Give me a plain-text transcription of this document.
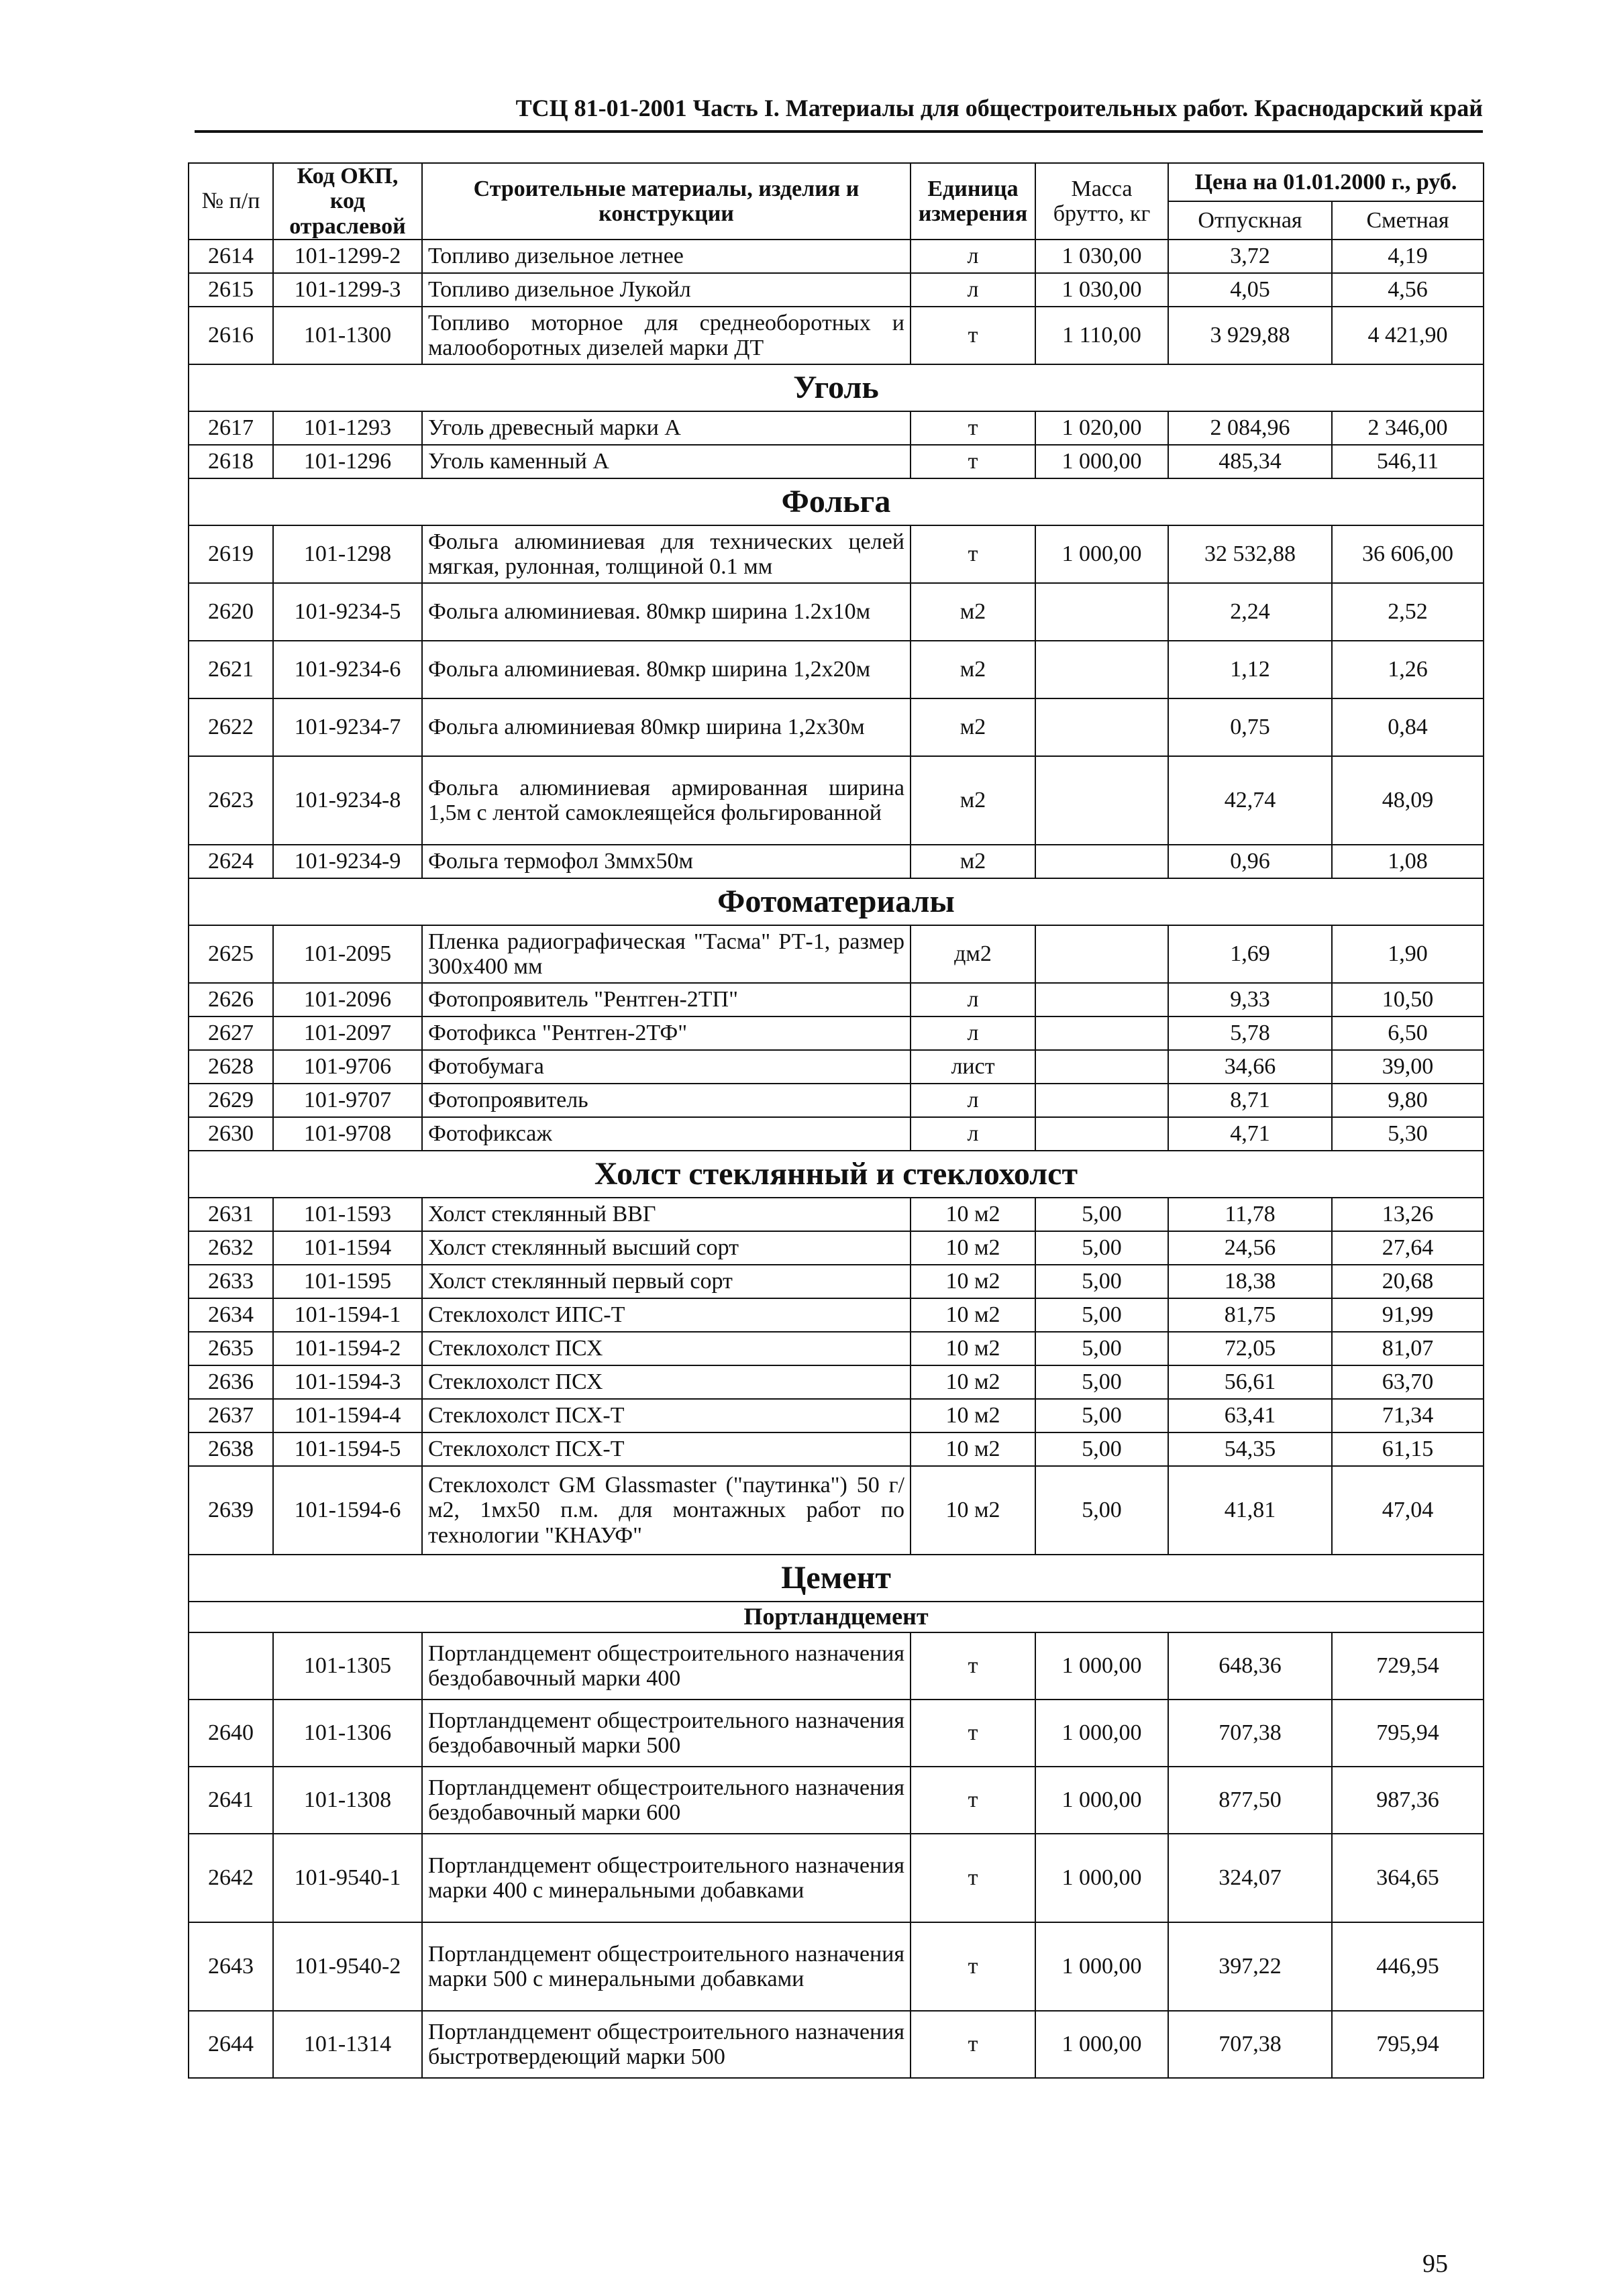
ТСЦ 81-01-2001 Часть I. Материалы для общестроительных работ. Краснодарский край
№ п/п	Код ОКП, код отраслевой	Строительные материалы, изделия и конструкции	Единица измерения	Масса брутто, кг	Цена на 01.01.2000 г., руб.	
					Отпускная	Сметная
2614	101-1299-2	Топливо дизельное летнее	л	1 030,00	3,72	4,19
2615	101-1299-3	Топливо дизельное Лукойл	л	1 030,00	4,05	4,56
2616	101-1300	Топливо моторное для среднеоборотных и малооборотных дизелей марки ДТ	т	1 110,00	3 929,88	4 421,90
Уголь						
2617	101-1293	Уголь древесный марки А	т	1 020,00	2 084,96	2 346,00
2618	101-1296	Уголь каменный А	т	1 000,00	485,34	546,11
Фольга						
2619	101-1298	Фольга алюминиевая для технических целей мягкая, рулонная, толщиной 0.1 мм	т	1 000,00	32 532,88	36 606,00
2620	101-9234-5	Фольга алюминиевая. 80мкр ширина 1.2х10м	м2		2,24	2,52
2621	101-9234-6	Фольга алюминиевая. 80мкр ширина 1,2х20м	м2		1,12	1,26
2622	101-9234-7	Фольга алюминиевая 80мкр ширина 1,2х30м	м2		0,75	0,84
2623	101-9234-8	Фольга алюминиевая армированная ширина 1,5м с лентой самоклеящейся фольгированной	м2		42,74	48,09
2624	101-9234-9	Фольга термофол 3ммх50м	м2		0,96	1,08
Фотоматериалы						
2625	101-2095	Пленка радиографическая "Тасма" РТ-1, размер 300х400 мм	дм2		1,69	1,90
2626	101-2096	Фотопроявитель "Рентген-2ТП"	л		9,33	10,50
2627	101-2097	Фотофикса "Рентген-2ТФ"	л		5,78	6,50
2628	101-9706	Фотобумага	лист		34,66	39,00
2629	101-9707	Фотопроявитель	л		8,71	9,80
2630	101-9708	Фотофиксаж	л		4,71	5,30
Холст стеклянный и стеклохолст						
2631	101-1593	Холст стеклянный ВВГ	10 м2	5,00	11,78	13,26
2632	101-1594	Холст стеклянный высший сорт	10 м2	5,00	24,56	27,64
2633	101-1595	Холст стеклянный первый сорт	10 м2	5,00	18,38	20,68
2634	101-1594-1	Стеклохолст ИПС-Т	10 м2	5,00	81,75	91,99
2635	101-1594-2	Стеклохолст ПСХ	10 м2	5,00	72,05	81,07
2636	101-1594-3	Стеклохолст ПСХ	10 м2	5,00	56,61	63,70
2637	101-1594-4	Стеклохолст ПСХ-Т	10 м2	5,00	63,41	71,34
2638	101-1594-5	Стеклохолст ПСХ-Т	10 м2	5,00	54,35	61,15
2639	101-1594-6	Стеклохолст GM Glassmaster ("паутинка") 50 г/м2, 1мх50 п.м. для монтажных работ по технологии "КНАУФ"	10 м2	5,00	41,81	47,04
Цемент						
Портландцемент						
	101-1305	Портландцемент общестроительного назначения бездобавочный марки 400	т	1 000,00	648,36	729,54
2640	101-1306	Портландцемент общестроительного назначения бездобавочный марки 500	т	1 000,00	707,38	795,94
2641	101-1308	Портландцемент общестроительного назначения бездобавочный марки 600	т	1 000,00	877,50	987,36
2642	101-9540-1	Портландцемент общестроительного назначения марки 400 с минеральными добавками	т	1 000,00	324,07	364,65
2643	101-9540-2	Портландцемент общестроительного назначения марки 500 с минеральными добавками	т	1 000,00	397,22	446,95
2644	101-1314	Портландцемент общестроительного назначения быстротвердеющий марки 500	т	1 000,00	707,38	795,94
95
